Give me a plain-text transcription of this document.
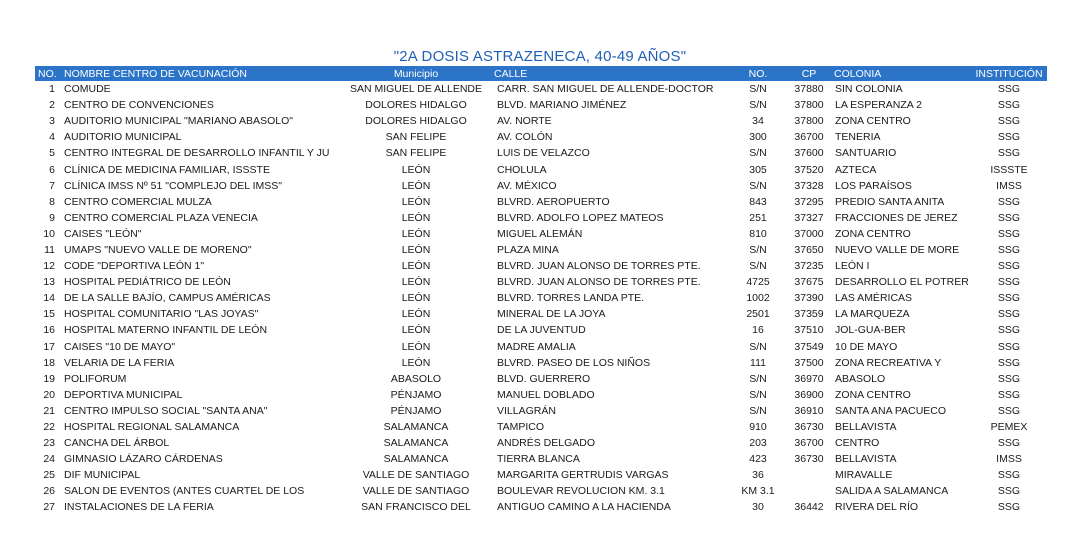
"2A DOSIS ASTRAZENECA, 40-49 AÑOS"
NO.	NOMBRE CENTRO DE VACUNACIÓN	Municipio	CALLE	NO.	CP	COLONIA	INSTITUCIÓN
1	COMUDE	SAN MIGUEL DE ALLENDE	CARR. SAN MIGUEL DE ALLENDE-DOCTOR	S/N	37880	SIN COLONIA	SSG
2	CENTRO DE CONVENCIONES	DOLORES HIDALGO	BLVD. MARIANO JIMÉNEZ	S/N	37800	LA ESPERANZA 2	SSG
3	AUDITORIO MUNICIPAL "MARIANO ABASOLO"	DOLORES HIDALGO	AV. NORTE	34	37800	ZONA CENTRO	SSG
4	AUDITORIO MUNICIPAL	SAN FELIPE	AV. COLÓN	300	36700	TENERIA	SSG
5	CENTRO INTEGRAL DE DESARROLLO INFANTIL Y JU	SAN FELIPE	LUIS DE VELAZCO	S/N	37600	SANTUARIO	SSG
6	CLÍNICA DE MEDICINA FAMILIAR, ISSSTE	LEÓN	CHOLULA	305	37520	AZTECA	ISSSTE
7	CLÍNICA IMSS Nº 51 "COMPLEJO DEL IMSS"	LEÓN	AV. MÉXICO	S/N	37328	LOS PARAÍSOS	IMSS
8	CENTRO COMERCIAL MULZA	LEÓN	BLVRD. AEROPUERTO	843	37295	PREDIO SANTA ANITA	SSG
9	CENTRO COMERCIAL PLAZA VENECIA	LEÓN	BLVRD. ADOLFO LOPEZ MATEOS	251	37327	FRACCIONES DE JEREZ	SSG
10	CAISES "LEÓN"	LEÓN	MIGUEL ALEMÁN	810	37000	ZONA CENTRO	SSG
11	UMAPS "NUEVO VALLE DE MORENO"	LEÓN	PLAZA MINA	S/N	37650	NUEVO VALLE DE MORE	SSG
12	CODE "DEPORTIVA LEÓN 1"	LEÓN	BLVRD. JUAN ALONSO DE TORRES PTE.	S/N	37235	LEÓN I	SSG
13	HOSPITAL PEDIÁTRICO DE LEÓN	LEÓN	BLVRD. JUAN ALONSO DE TORRES PTE.	4725	37675	DESARROLLO EL POTRER	SSG
14	DE LA SALLE BAJÍO, CAMPUS AMÉRICAS	LEÓN	BLVRD. TORRES LANDA PTE.	1002	37390	LAS AMÉRICAS	SSG
15	HOSPITAL COMUNITARIO "LAS JOYAS"	LEÓN	MINERAL DE LA JOYA	2501	37359	LA MARQUEZA	SSG
16	HOSPITAL MATERNO INFANTIL DE LEÓN	LEÓN	DE LA JUVENTUD	16	37510	JOL-GUA-BER	SSG
17	CAISES "10 DE MAYO"	LEÓN	MADRE AMALIA	S/N	37549	10 DE MAYO	SSG
18	VELARIA DE LA FERIA	LEÓN	BLVRD. PASEO DE LOS NIÑOS	111	37500	ZONA RECREATIVA Y	SSG
19	POLIFORUM	ABASOLO	BLVD. GUERRERO	S/N	36970	ABASOLO	SSG
20	DEPORTIVA MUNICIPAL	PÉNJAMO	MANUEL DOBLADO	S/N	36900	ZONA CENTRO	SSG
21	CENTRO IMPULSO SOCIAL "SANTA ANA"	PÉNJAMO	VILLAGRÁN	S/N	36910	SANTA ANA PACUECO	SSG
22	HOSPITAL REGIONAL SALAMANCA	SALAMANCA	TAMPICO	910	36730	BELLAVISTA	PEMEX
23	CANCHA DEL ÁRBOL	SALAMANCA	ANDRÉS DELGADO	203	36700	CENTRO	SSG
24	GIMNASIO LÁZARO CÁRDENAS	SALAMANCA	TIERRA BLANCA	423	36730	BELLAVISTA	IMSS
25	DIF MUNICIPAL	VALLE DE SANTIAGO	MARGARITA GERTRUDIS VARGAS	36		MIRAVALLE	SSG
26	SALON DE EVENTOS (ANTES CUARTEL DE LOS	VALLE DE SANTIAGO	BOULEVAR REVOLUCION KM. 3.1	KM 3.1		SALIDA A SALAMANCA	SSG
27	INSTALACIONES DE LA FERIA	SAN FRANCISCO DEL	ANTIGUO CAMINO A LA HACIENDA	30	36442	RIVERA DEL RÍO	SSG
